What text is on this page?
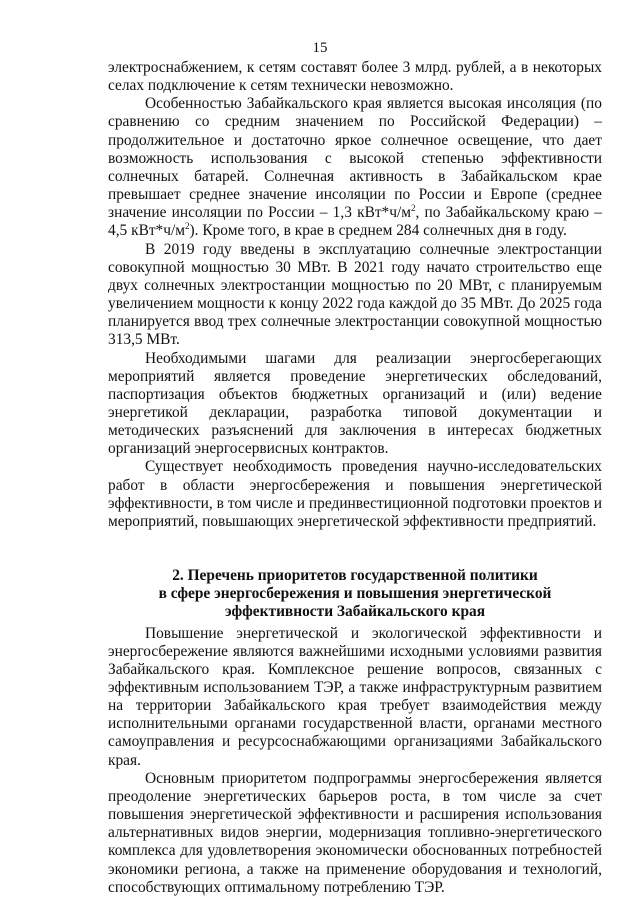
15

электроснабжением, к сетям составят более 3 млрд. рублей, а в некоторых селах подключение к сетям технически невозможно.

Особенностью Забайкальского края является высокая инсоляция (по сравнению со средним значением по Российской Федерации) – продолжительное и достаточно яркое солнечное освещение, что дает возможность использования с высокой степенью эффективности солнечных батарей. Солнечная активность в Забайкальском крае превышает среднее значение инсоляции по России и Европе (среднее значение инсоляции по России – 1,3 $кВт*ч/м^2$, по Забайкальскому краю – 4,5 $кВт*ч/м^2$). Кроме того, в крае в среднем 284 солнечных дня в году.

В 2019 году введены в эксплуатацию солнечные электростанции совокупной мощностью 30 МВт. В 2021 году начато строительство еще двух солнечных электростанции мощностью по 20 МВт, с планируемым увеличением мощности к концу 2022 года каждой до 35 МВт. До 2025 года планируется ввод трех солнечные электростанции совокупной мощностью 313,5 МВт.

Необходимыми шагами для реализации энергосберегающих мероприятий является проведение энергетических обследований, паспортизация объектов бюджетных организаций и (или) ведение энергетикой декларации, разработка типовой документации и методических разъяснений для заключения в интересах бюджетных организаций энергосервисных контрактов.

Существует необходимость проведения научно-исследовательских работ в области энергосбережения и повышения энергетической эффективности, в том числе и прединвестиционной подготовки проектов и мероприятий, повышающих энергетической эффективности предприятий.

2. Перечень приоритетов государственной политики
в сфере энергосбережения и повышения энергетической
эффективности Забайкальского края

Повышение энергетической и экологической эффективности и энергосбережение являются важнейшими исходными условиями развития Забайкальского края. Комплексное решение вопросов, связанных с эффективным использованием ТЭР, а также инфраструктурным развитием на территории Забайкальского края требует взаимодействия между исполнительными органами государственной власти, органами местного самоуправления и ресурсоснабжающими организациями Забайкальского края.

Основным приоритетом подпрограммы энергосбережения является преодоление энергетических барьеров роста, в том числе за счет повышения энергетической эффективности и расширения использования альтернативных видов энергии, модернизация топливно-энергетического комплекса для удовлетворения экономически обоснованных потребностей экономики региона, а также на применение оборудования и технологий, способствующих оптимальному потреблению ТЭР.
